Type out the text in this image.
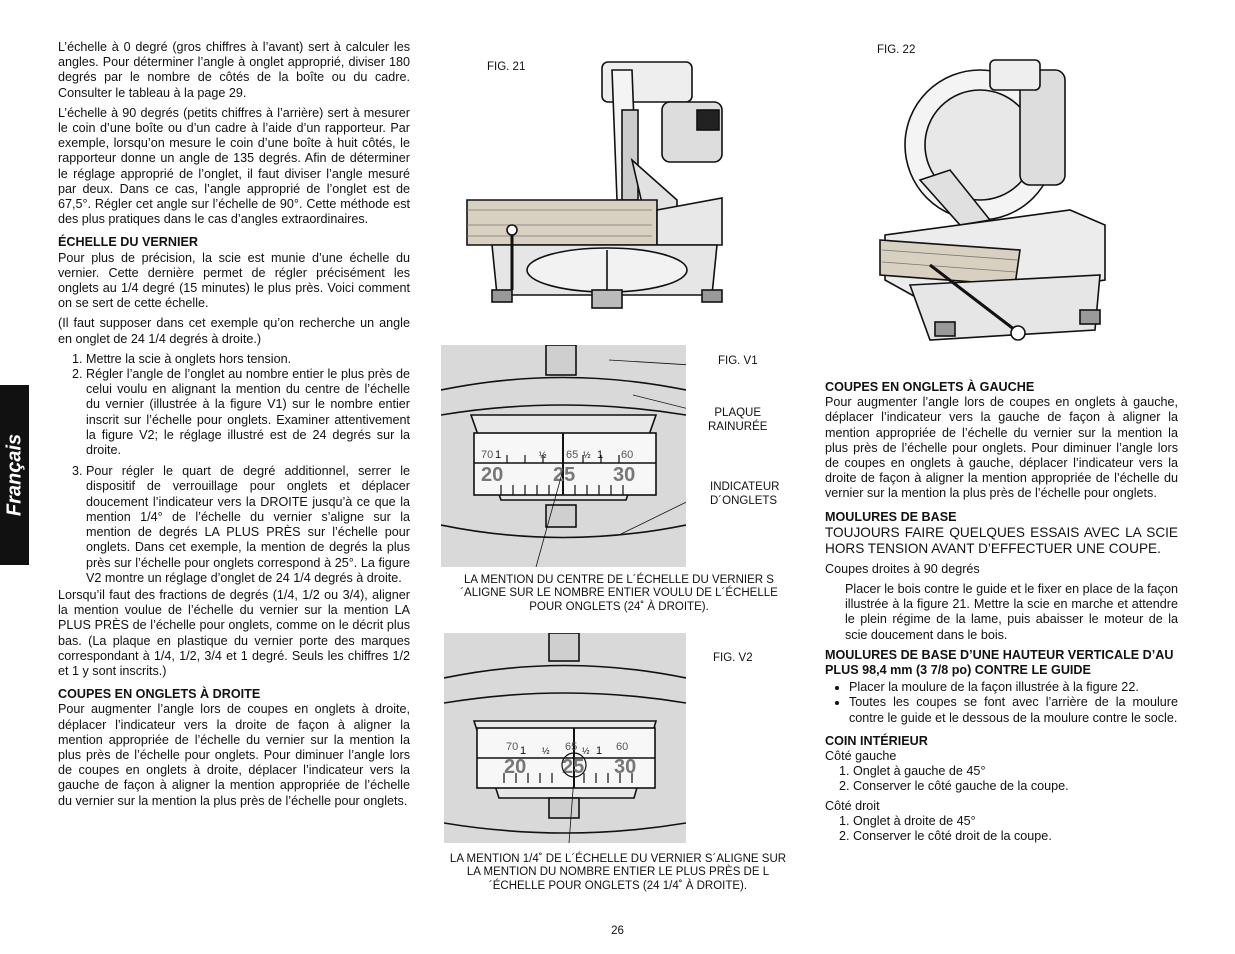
Français

L’échelle à 0 degré (gros chiffres à l’avant) sert à calculer les angles. Pour déterminer l’angle à onglet approprié, diviser 180 degrés par le nombre de côtés de la boîte ou du cadre. Consulter le tableau à la page 29.

L’échelle à 90 degrés (petits chiffres à l’arrière) sert à mesurer le coin d’une boîte ou d’un cadre à l’aide d’un rapporteur. Par exemple, lorsqu’on mesure le coin d’une boîte à huit côtés, le rapporteur donne un angle de 135 degrés. Afin de déterminer le réglage approprié de l’onglet, il faut diviser l’angle mesuré par deux. Dans ce cas, l’angle approprié de l’onglet est de 67,5°. Régler cet angle sur l’échelle de 90°. Cette méthode est des plus pratiques dans le cas d’angles extraordinaires.

ÉCHELLE DU VERNIER

Pour plus de précision, la scie est munie d’une échelle du vernier. Cette dernière permet de régler précisément les onglets au 1/4 degré (15 minutes) le plus près. Voici comment on se sert de cette échelle.

(Il faut supposer dans cet exemple qu’on recherche un angle en onglet de 24 1/4 degrés à droite.)

1. Mettre la scie à onglets hors tension.
2. Régler l’angle de l’onglet au nombre entier le plus près de celui voulu en alignant la mention du centre de l’échelle du vernier (illustrée à la figure V1) sur le nombre entier inscrit sur l’échelle pour onglets. Examiner attentivement la figure V2; le réglage illustré est de 24 degrés sur la droite.
3. Pour régler le quart de degré additionnel, serrer le dispositif de verrouillage pour onglets et déplacer doucement l’indicateur vers la DROITE jusqu’à ce que la mention 1/4° de l’échelle du vernier s’aligne sur la mention de degrés LA PLUS PRÈS sur l’échelle pour onglets. Dans cet exemple, la mention de degrés la plus près sur l’échelle pour onglets correspond à 25°. La figure V2 montre un réglage d’onglet de 24 1/4 degrés à droite.

Lorsqu’il faut des fractions de degrés (1/4, 1/2 ou 3/4), aligner la mention voulue de l’échelle du vernier sur la mention LA PLUS PRÈS de l’échelle pour onglets, comme on le décrit plus bas. (La plaque en plastique du vernier porte des marques correspondant à 1/4, 1/2, 3/4 et 1 degré. Seuls les chiffres 1/2 et 1 y sont inscrits.)

COUPES EN ONGLETS À DROITE

Pour augmenter l’angle lors de coupes en onglets à droite, déplacer l’indicateur vers la droite de façon à aligner la mention appropriée de l’échelle du vernier sur la mention la plus près de l’échelle pour onglets. Pour diminuer l’angle lors de coupes en onglets à droite, déplacer l’indicateur vers la gauche de façon à aligner la mention appropriée de l’échelle du vernier sur la mention la plus près de l’échelle pour onglets.

FIG. 21
FIG. 22
FIG. V1
PLAQUE
RAINURÉE
INDICATEUR
D´ONGLETS
70	65	60
1	½	½ 1
20 25 30
LA MENTION DU CENTRE DE L´ÉCHELLE DU VERNIER S´ALIGNE SUR LE NOMBRE ENTIER VOULU DE L´ÉCHELLE POUR ONGLETS (24˚ À DROITE).
FIG. V2
70	65	60
1 ½	½ 1
20 25 30
LA MENTION 1/4˚ DE L´ÉCHELLE DU VERNIER S´ALIGNE SUR LA MENTION DU NOMBRE ENTIER LE PLUS PRÈS DE L´ÉCHELLE POUR ONGLETS (24 1/4˚ À DROITE).
COUPES EN ONGLETS À GAUCHE

Pour augmenter l’angle lors de coupes en onglets à gauche, déplacer l’indicateur vers la gauche de façon à aligner la mention appropriée de l’échelle du vernier sur la mention la plus près de l’échelle pour onglets. Pour diminuer l’angle lors de coupes en onglets à gauche, déplacer l’indicateur vers la droite de façon à aligner la mention appropriée de l’échelle du vernier sur la mention la plus près de l’échelle pour onglets.

MOULURES DE BASE

TOUJOURS FAIRE QUELQUES ESSAIS AVEC LA SCIE HORS TENSION AVANT D’EFFECTUER UNE COUPE.

Coupes droites à 90 degrés

Placer le bois contre le guide et le fixer en place de la façon illustrée à la figure 21. Mettre la scie en marche et attendre le plein régime de la lame, puis abaisser le moteur de la scie doucement dans le bois.

MOULURES DE BASE D’UNE HAUTEUR VERTICALE D’AU PLUS 98,4 mm (3 7/8 po) CONTRE LE GUIDE
• Placer la moulure de la façon illustrée à la figure 22.
• Toutes les coupes se font avec l’arrière de la moulure contre le guide et le dessous de la moulure contre le socle.
COIN INTÉRIEUR

Côté gauche

1. Onglet à gauche de 45°
2. Conserver le côté gauche de la coupe.

Côté droit

1. Onglet à droite de 45°
2. Conserver le côté droit de la coupe.
26
